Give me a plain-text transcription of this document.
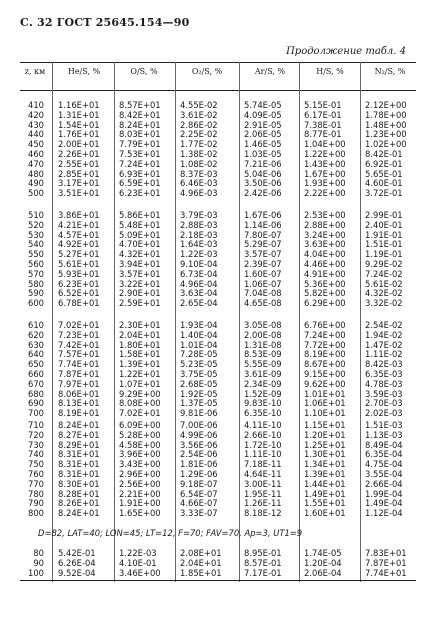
С. 32 ГОСТ 25645.154—90
Продолжение табл. 4
z, км	He/S, %	O/S, %	O₂/S, %	Ar/S, %	H/S, %	N₂/S, %
D=82, LAT=40; LON=45; LT=12, F=70; FAV=70, Ap=3, UT1=9
410 1.16E+01 8.57E+01 4.55E-02	5.74E-05	5.15E-01	2.12E+00
420 1.31E+01 8.42E+01 3.61E-02	4.09E-05	6.17E-01	1.78E+00
430 1.54E+01 8.24E+01 2.86E-02	2.91E-05	7.38E-01	1.48E+00
440 1.76E+01 8.03E+01 2.25E-02	2.06E-05	8.77E-01	1.23E+00
450 2.00E+01 7.79E+01 1.77E-02	1.46E-05	1.04E+00 1.02E+00
460 2.26E+01 7.53E+01 1.38E-02	1.03E-05	1.22E+00 8.42E-01
470 2.55E+01 7.24E+01 1.08E-02	7.21E-06	1.43E+00 6.92E-01
480 2.85E+01 6.93E+01 8.37E-03	5.04E-06	1.67E+00 5.65E-01
490 3.17E+01 6.59E+01 6.46E-03	3.50E-06	1.93E+00 4.60E-01
500 3.51E+01 6.23E+01 4.96E-03	2.42E-06	2.22E+00 3.72E-01
510 3.86E+01 5.86E+01 3.79E-03	1.67E-06	2.53E+00 2.99E-01
520 4.21E+01 5.48E+01 2.88E-03	1.14E-06	2.88E+00 2.40E-01
530 4.57E+01 5.09E+01 2.18E-03	7.80E-07	3.24E+00 1.91E-01
540 4.92E+01 4.70E+01 1.64E-03	5.29E-07	3.63E+00 1.51E-01
550 5.27E+01 4.32E+01 1.22E-03	3.57E-07	4.04E+00 1.19E-01
560 5.61E+01 3.94E+01 9.10E-04	2.39E-07	4.46E+00 9.29E-02
570 5.93E+01 3.57E+01 6.73E-04	1.60E-07	4.91E+00 7.24E-02
580 6.23E+01 3.22E+01 4.96E-04	1.06E-07	5.36E+00 5.61E-02
590 6.52E+01 2.90E+01 3.63E-04	7.04E-08	5.82E+00 4.32E-02
600 6.78E+01 2.59E+01 2.65E-04	4.65E-08	6.29E+00 3.32E-02
610 7.02E+01 2.30E+01 1.93E-04	3.05E-08	6.76E+00 2.54E-02
620 7.23E+01 2.04E+01 1.40E-04	2.00E-08	7.24E+00 1.94E-02
630 7.42E+01 1.80E+01 1.01E-04	1.31E-08	7.72E+00 1.47E-02
640 7.57E+01 1.58E+01 7.28E-05	8.53E-09	8.19E+00 1.11E-02
650 7.74E+01 1.39E+01 5.23E-05	5.55E-09	8.67E+00 8.42E-03
660 7.87E+01 1.22E+01 3.75E-05	3.61E-09	9.15E+00 6.35E-03
670 7.97E+01 1.07E+01 2.68E-05	2.34E-09	9.62E+00 4.78E-03
680 8.06E+01 9.29E+00 1.92E-05	1.52E-09	1.01E+01 3.59E-03
690 8.13E+01 8.08E+00 1.37E-05	9.83E-10	1.06E+01 2.70E-03
700 8.19E+01 7.02E+01 9.81E-06	6.35E-10	1.10E+01 2.02E-03
710 8.24E+01 6.09E+00 7.00E-06	4.11E-10	1.15E+01 1.51E-03
720 8.27E+01 5.28E+00 4.99E-06	2.66E-10	1.20E+01 1.13E-03
730 8.29E+01 4.58E+00 3.56E-06	1.72E-10	1.25E+01 8.49E-04
740 8.31E+01 3.96E+00 2.54E-06	1.11E-10	1.30E+01 6.35E-04
750 8.31E+01 3.43E+00 1.81E-06	7.18E-11	1.34E+01 4.75E-04
760 8.31E+01 2.96E+00 1.29E-06	4.64E-11	1.39E+01 3.55E-04
770 8.30E+01 2.56E+00 9.18E-07	3.00E-11	1.44E+01 2.66E-04
780 8.28E+01 2.21E+00 6.54E-07	1.95E-11	1.49E+01 1.99E-04
790 8.26E+01 1.91E+00 4.66E-07	1.26E-11	1.55E+01 1.49E-04
800 8.24E+01 1.65E+00 3.33E-07	8.18E-12	1.60E+01 1.12E-04
80 5.42E-01	1.22E-03	2.08E+01	8.95E-01	1.74E-05	7.83E+01
90 6.26E-04	4.10E-01	2.04E+01	8.57E-01	1.20E-04	7.87E+01
100 9.52E-04	3.46E+00 1.85E+01	7.17E-01	2.06E-04	7.74E+01
